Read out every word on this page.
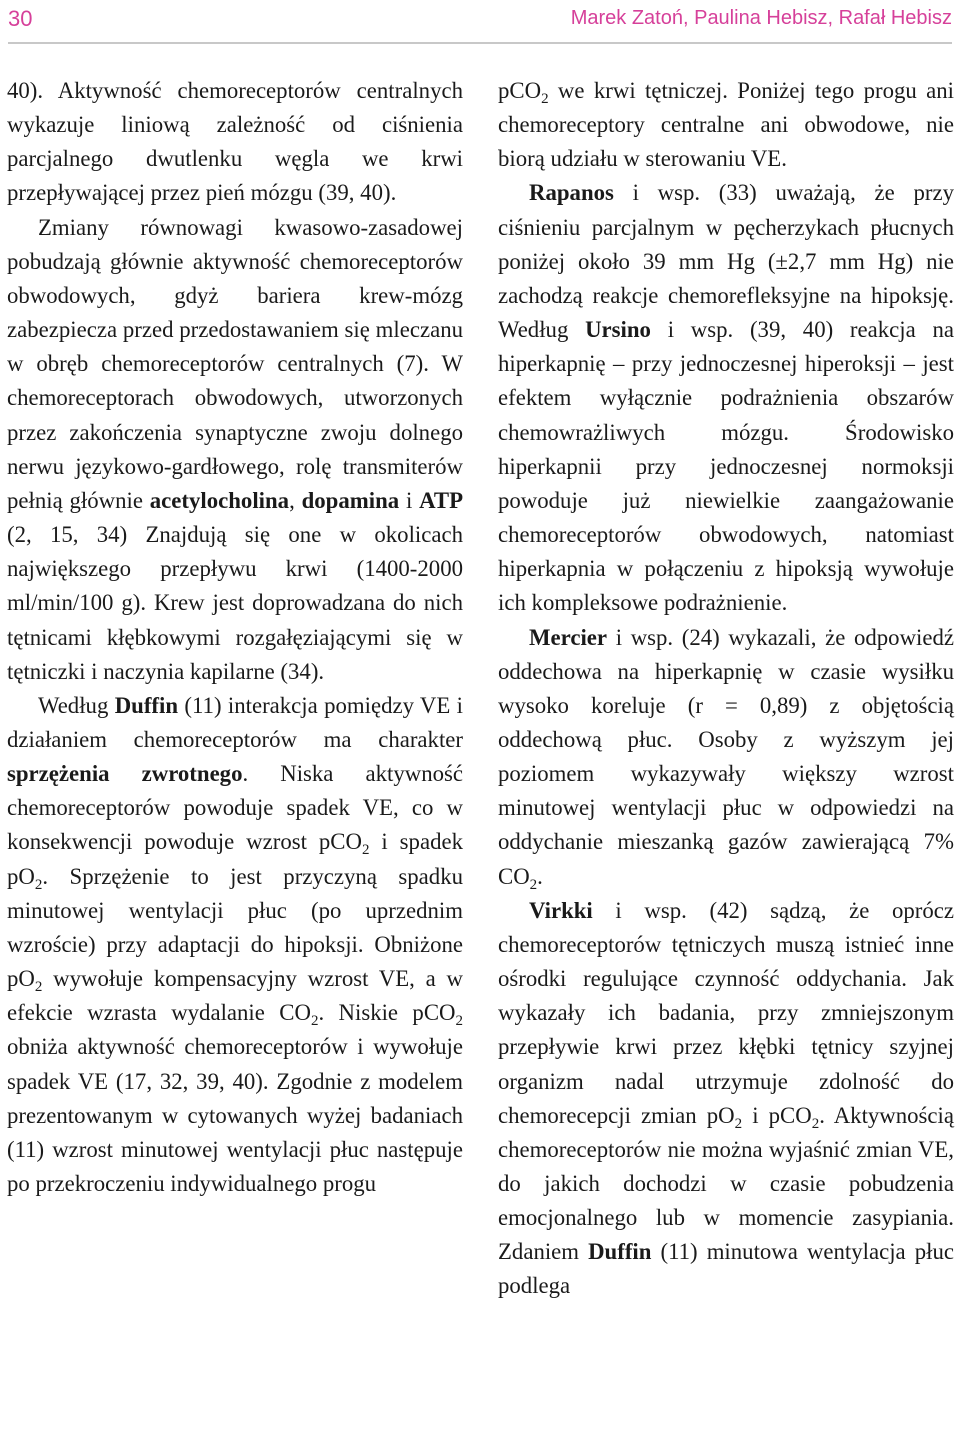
30	Marek Zatoń, Paulina Hebisz, Rafał Hebisz

40). Aktywność chemoreceptorów centralnych wykazuje liniową zależność od ciśnienia parcjalnego dwutlenku węgla we krwi przepływającej przez pień mózgu (39, 40).

Zmiany równowagi kwasowo-zasadowej pobudzają głównie aktywność chemoreceptorów obwodowych, gdyż bariera krew-mózg zabezpiecza przed przedostawaniem się mleczanu w obręb chemoreceptorów centralnych (7). W chemoreceptorach obwodowych, utworzonych przez zakończenia synaptyczne zwoju dolnego nerwu językowo-gardłowego, rolę transmiterów pełnią głównie acetylocholina, dopamina i ATP (2, 15, 34) Znajdują się one w okolicach największego przepływu krwi (1400-2000 ml/min/100 g). Krew jest doprowadzana do nich tętnicami kłębkowymi rozgałęziającymi się w tętniczki i naczynia kapilarne (34).

Według Duffin (11) interakcja pomiędzy VE i działaniem chemoreceptorów ma charakter sprzężenia zwrotnego. Niska aktywność chemoreceptorów powoduje spadek VE, co w konsekwencji powoduje wzrost pCO$_2$ i spadek $pO_2$. Sprzężenie to jest przyczyną spadku minutowej wentylacji płuc (po uprzednim wzroście) przy adaptacji do hipoksji. Obniżone $pO_2$ wywołuje kompensacyjny wzrost VE, a w efekcie wzrasta wydalanie $CO_2$. Niskie pCO$_2$ obniża aktywność chemoreceptorów i wywołuje spadek VE (17, 32, 39, 40). Zgodnie z modelem prezentowanym w cytowanych wyżej badaniach (11) wzrost minutowej wentylacji płuc następuje po przekroczeniu indywidualnego progu

pCO$_2$ we krwi tętniczej. Poniżej tego progu ani chemoreceptory centralne ani obwodowe, nie biorą udziału w sterowaniu VE.

Rapanos i wsp. (33) uważają, że przy ciśnieniu parcjalnym w pęcherzykach płucnych poniżej około 39 mm Hg (±2,7 mm Hg) nie zachodzą reakcje chemorefleksyjne na hipoksję. Według Ursino i wsp. (39, 40) reakcja na hiperkapnię – przy jednoczesnej hiperoksji – jest efektem wyłącznie podrażnienia obszarów chemowrażliwych mózgu. Środowisko hiperkapnii przy jednoczesnej normoksji powoduje już niewielkie zaangażowanie chemoreceptorów obwodowych, natomiast hiperkapnia w połączeniu z hipoksją wywołuje ich kompleksowe podrażnienie.

Mercier i wsp. (24) wykazali, że odpowiedź oddechowa na hiperkapnię w czasie wysiłku wysoko koreluje (r = 0,89) z objętością oddechową płuc. Osoby z wyższym jej poziomem wykazywały większy wzrost minutowej wentylacji płuc w odpowiedzi na oddychanie mieszanką gazów zawierającą 7% $CO_2$.

Virkki i wsp. (42) sądzą, że oprócz chemoreceptorów tętniczych muszą istnieć inne ośrodki regulujące czynność oddychania. Jak wykazały ich badania, przy zmniejszonym przepływie krwi przez kłębki tętnicy szyjnej organizm nadal utrzymuje zdolność do chemorecepcji zmian $pO_2$ i pCO$_2$. Aktywnością chemoreceptorów nie można wyjaśnić zmian VE, do jakich dochodzi w czasie pobudzenia emocjonalnego lub w momencie zasypiania. Zdaniem Duffin (11) minutowa wentylacja płuc podlega
